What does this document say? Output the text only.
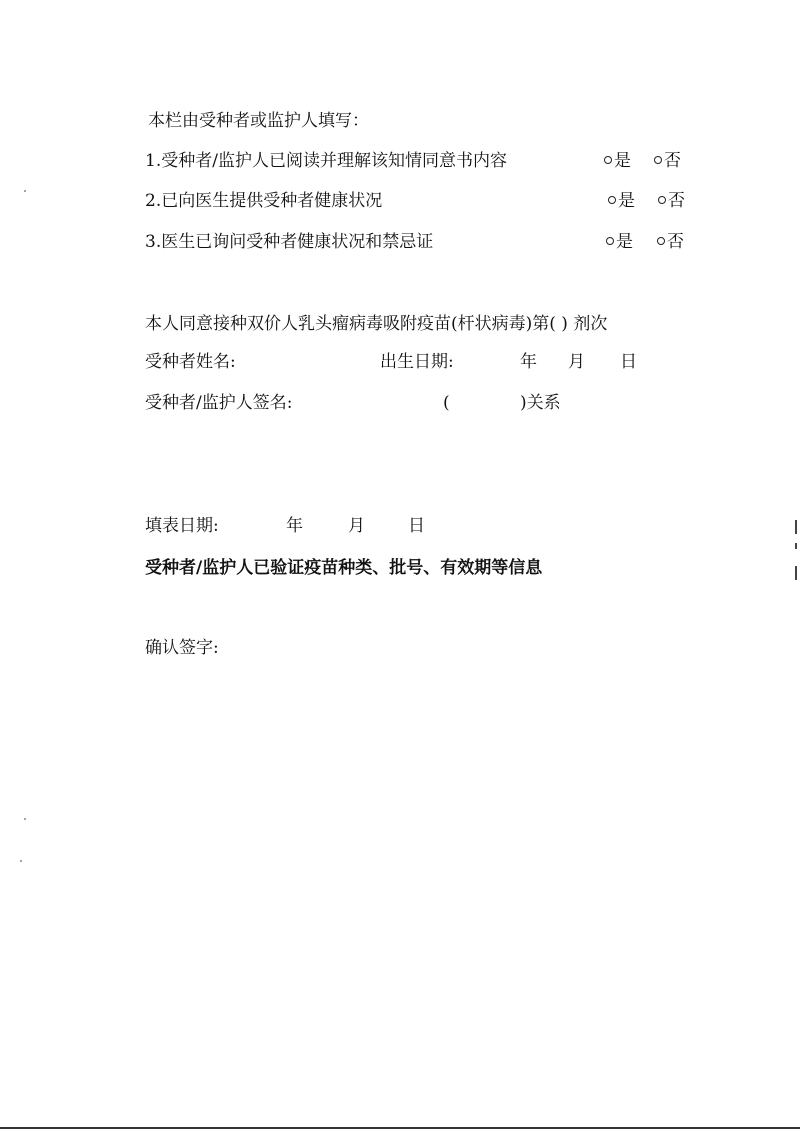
本栏由受种者或监护人填写：
1.受种者/监护人已阅读并理解该知情同意书内容	是	否
2.已向医生提供受种者健康状况	是	否
3.医生已询问受种者健康状况和禁忌证	是	否
本人同意接种双价人乳头瘤病毒吸附疫苗(杆状病毒)第( ) 剂次
受种者姓名:	出生日期:	年 月 日
受种者/监护人签名:	(	)关系
填表日期:	年	月	日
受种者/监护人已验证疫苗种类、批号、有效期等信息
确认签字:
